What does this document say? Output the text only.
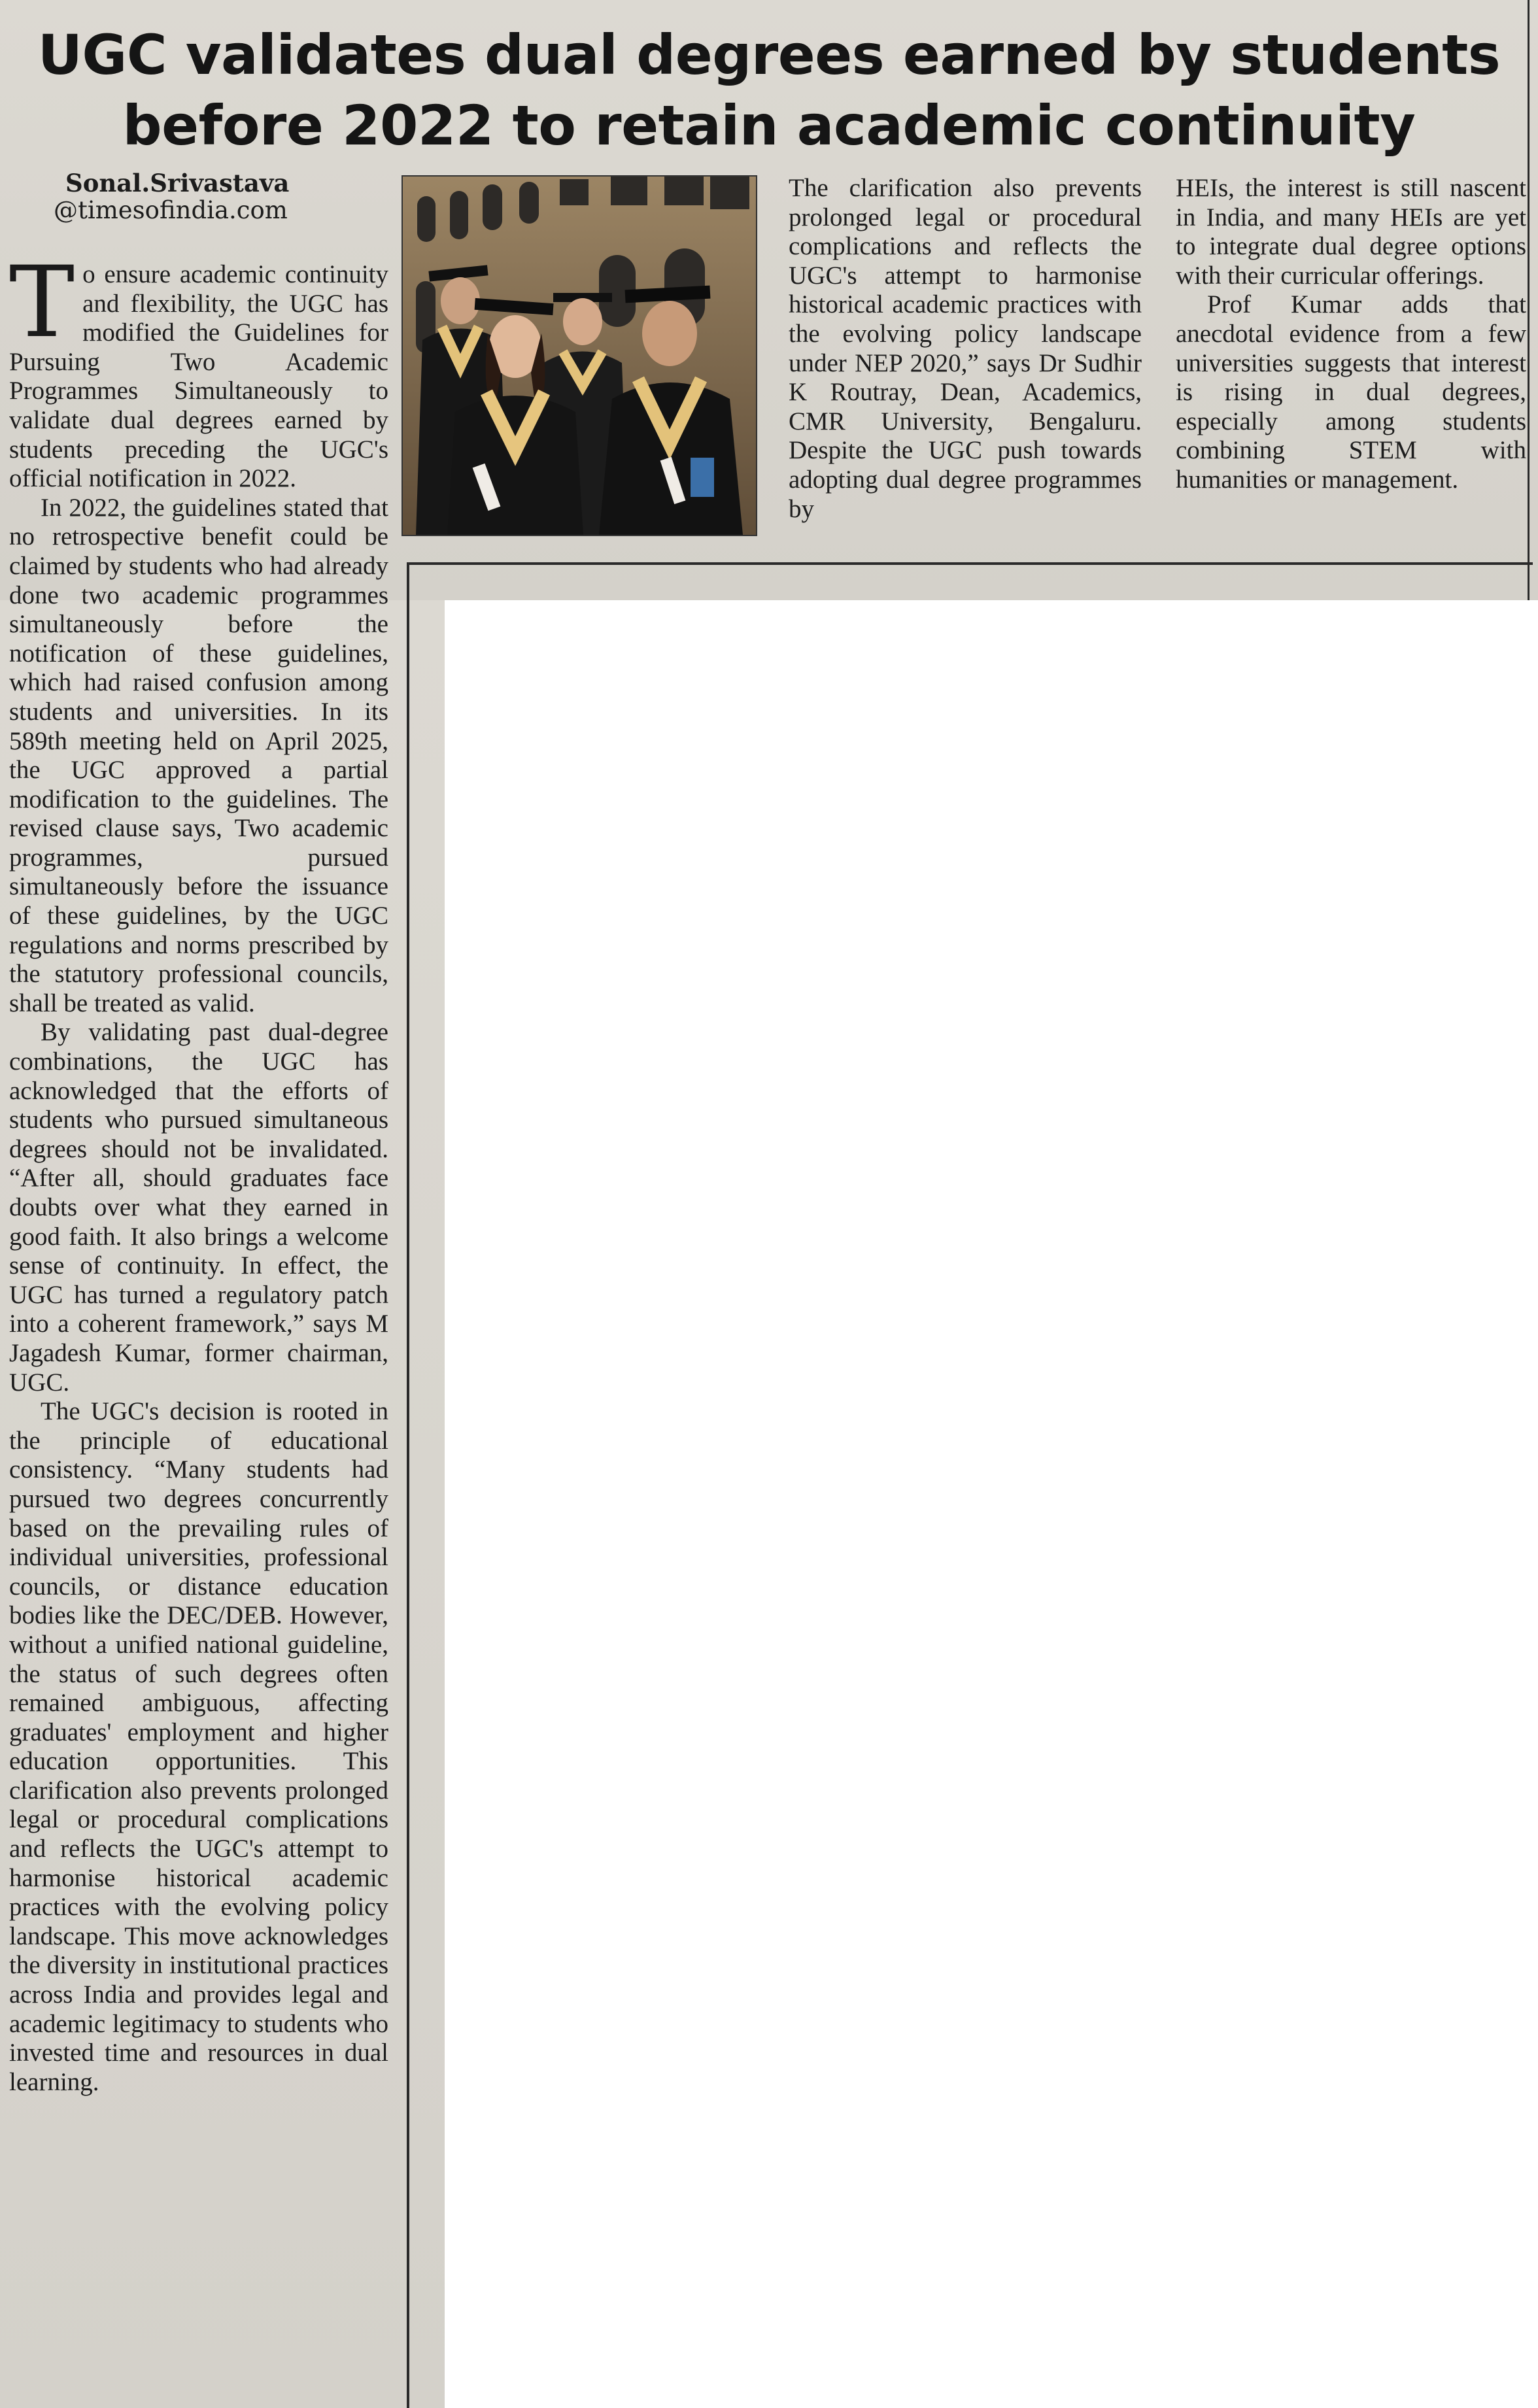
UGC validates dual degrees earned by students
before 2022 to retain academic continuity
Sonal.Srivastava
@timesofindia.com

To ensure academic continuity and flexibility, the UGC has modified the Guidelines for Pursuing Two Academic Programmes Simultaneously to validate dual degrees earned by students preceding the UGC's official notification in 2022.

In 2022, the guidelines stated that no retrospective benefit could be claimed by students who had already done two academic programmes simultaneously before the notification of these guidelines, which had raised confusion among students and universities. In its 589th meeting held on April 2025, the UGC approved a partial modification to the guidelines. The revised clause says, Two academic programmes, pursued simultaneously before the issuance of these guidelines, by the UGC regulations and norms prescribed by the statutory professional councils, shall be treated as valid.

By validating past dual-degree combinations, the UGC has acknowledged that the efforts of students who pursued simultaneous degrees should not be invalidated. “After all, should graduates face doubts over what they earned in good faith. It also brings a welcome sense of continuity. In effect, the UGC has turned a regulatory patch into a coherent framework,” says M Jagadesh Kumar, former chairman, UGC.

The UGC's decision is rooted in the principle of educational consistency. “Many students had pursued two degrees concurrently based on the prevailing rules of individual universities, professional councils, or distance education bodies like the DEC/DEB. However, without a unified national guideline, the status of such degrees often remained ambiguous, affecting graduates' employment and higher education opportunities. This clarification also prevents prolonged legal or procedural complications and reflects the UGC's attempt to harmonise historical academic practices with the evolving policy landscape. This move acknowledges the diversity in institutional practices across India and provides legal and academic legitimacy to students who invested time and resources in dual learning.

The clarification also prevents prolonged legal or procedural complications and reflects the UGC's attempt to harmonise historical academic practices with the evolving policy landscape under NEP 2020,” says Dr Sudhir K Routray, Dean, Academics, CMR University, Bengaluru. Despite the UGC push towards adopting dual degree programmes by

HEIs, the interest is still nascent in India, and many HEIs are yet to integrate dual degree options with their curricular offerings.

Prof Kumar adds that anecdotal evidence from a few universities suggests that interest is rising in dual degrees, especially among students combining STEM with humanities or management.
